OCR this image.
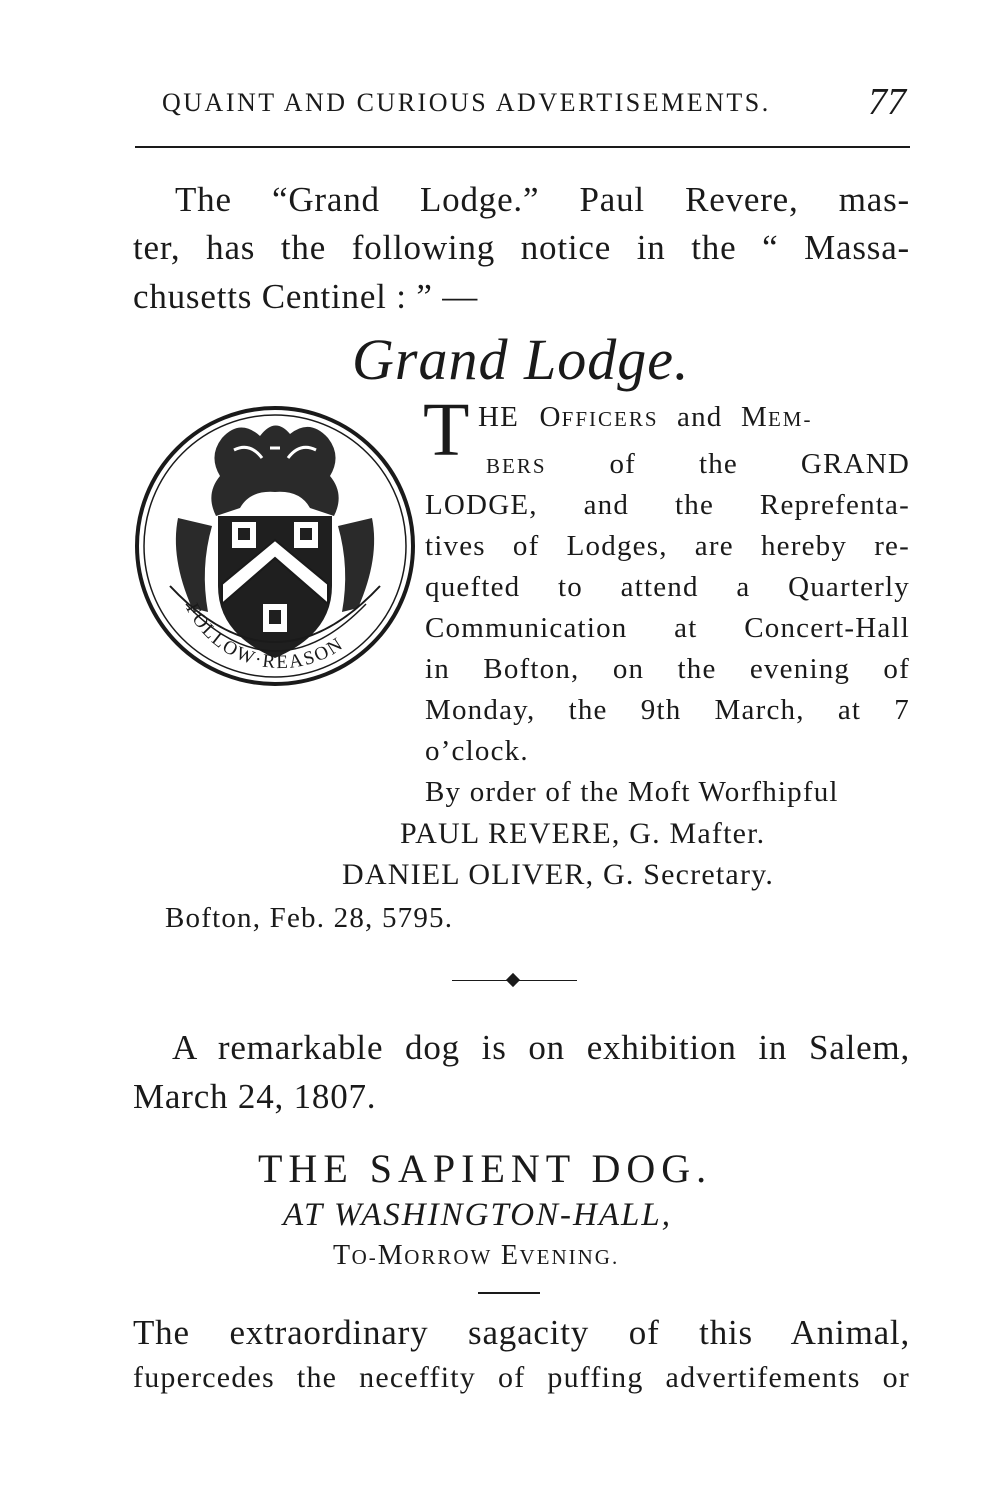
QUAINT AND CURIOUS ADVERTISEMENTS.	77
The “Grand Lodge.” Paul Revere, mas-
ter, has the following notice in the “ Massa-
chusetts Centinel : ” —
Grand Lodge.
FOLLOW·REASON
T HE OFFICERS and MEM-
BERS of the GRAND
LODGE, and the Reprefenta-
tives of Lodges, are hereby re-
quefted to attend a Quarterly
Communication at Concert-Hall
in Bofton, on the evening of
Monday, the 9th March, at 7
o’clock.
By order of the Moft Worfhipful
PAUL REVERE, G. Mafter.
DANIEL OLIVER, G. Secretary.
Bofton, Feb. 28, 5795.
A remarkable dog is on exhibition in Salem,
March 24, 1807.
THE SAPIENT DOG.
AT WASHINGTON-HALL,
TO-MORROW EVENING.
The extraordinary sagacity of this Animal,
fupercedes the neceffity of puffing advertifements or
